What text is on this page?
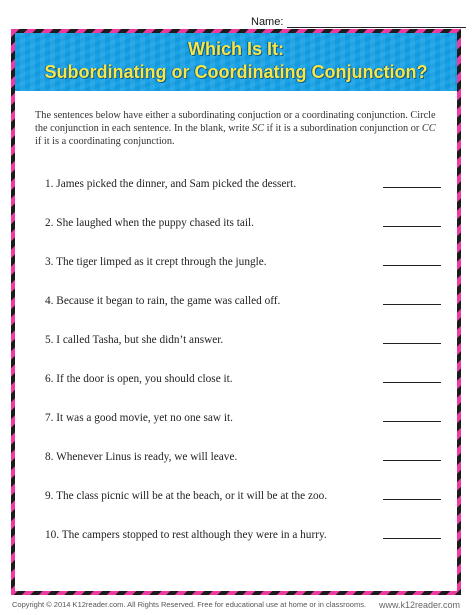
Name:
Which Is It:
Subordinating or Coordinating Conjunction?
The sentences below have either a subordinating conjuction or a coordinating conjunction. Circle the conjunction in each sentence. In the blank, write SC if it is a subordination conjunction or CC if it is a coordinating conjunction.
1. James picked the dinner, and Sam picked the dessert.
2. She laughed when the puppy chased its tail.
3. The tiger limped as it crept through the jungle.
4. Because it began to rain, the game was called off.
5. I called Tasha, but she didn’t answer.
6. If the door is open, you should close it.
7. It was a good movie, yet no one saw it.
8. Whenever Linus is ready, we will leave.
9. The class picnic will be at the beach, or it will be at the zoo.
10. The campers stopped to rest although they were in a hurry.
Copyright © 2014 K12reader.com. All Rights Reserved. Free for educational use at home or in classrooms. www.k12reader.com
